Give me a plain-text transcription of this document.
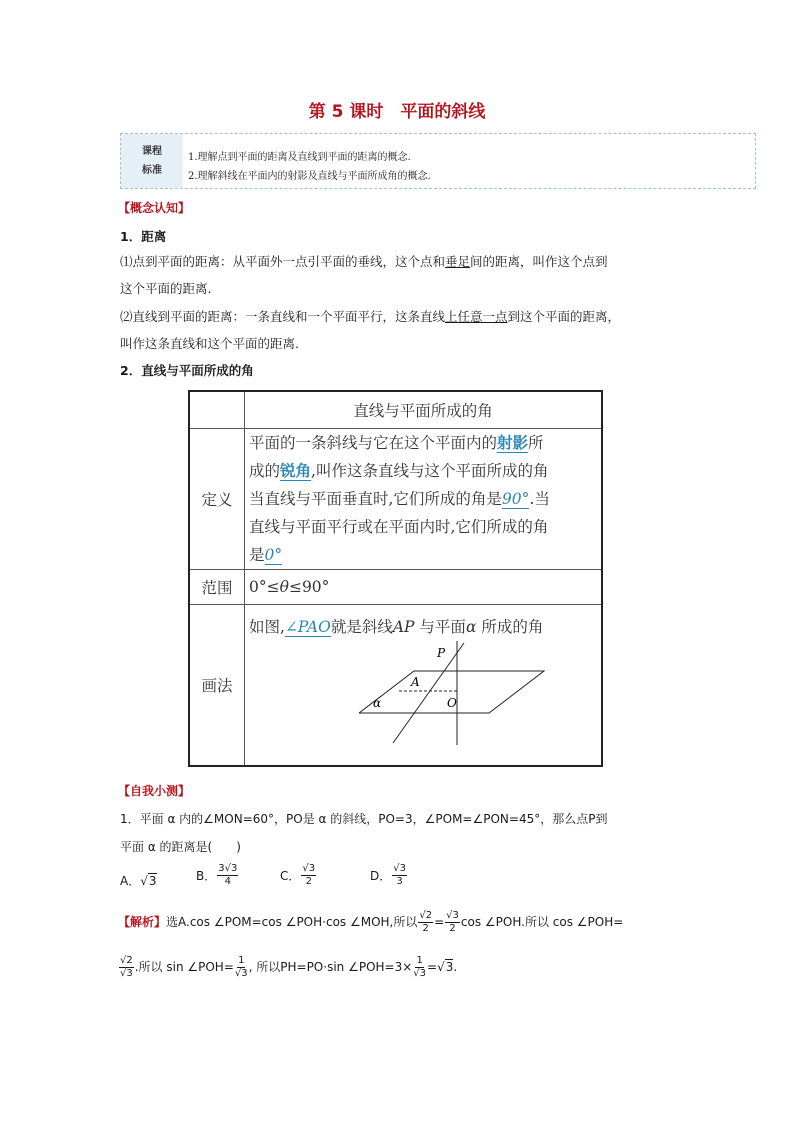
第 5 课时　平面的斜线
课程
标准
1.理解点到平面的距离及直线到平面的距离的概念.
2.理解斜线在平面内的射影及直线与平面所成角的概念.
【概念认知】
1．距离
⑴点到平面的距离：从平面外一点引平面的垂线，这个点和垂足间的距离，叫作这个点到
这个平面的距离.
⑵直线到平面的距离：一条直线和一个平面平行，这条直线上任意一点到这个平面的距离，
叫作这条直线和这个平面的距离.
2．直线与平面所成的角
	直线与平面所成的角
定义	平面的一条斜线与它在这个平面内的射影所
成的锐角,叫作这条直线与这个平面所成的角
当直线与平面垂直时,它们所成的角是90°.当
直线与平面平行或在平面内时,它们所成的角
是0°
范围	0°≤θ≤90°
画法	如图,∠PAO就是斜线AP 与平面α 所成的角
P
A
O
α
【自我小测】
1．平面 α 内的∠MON=60°，PO是 α 的斜线，PO=3，∠POM=∠PON=45°，那么点P到
平面 α 的距离是(　　)
A．√3	B． $\frac{3√3}{4}$	C． $\frac{√3}{2}$	D． $\frac{√3}{3}$
【解析】选A.cos ∠POM=cos ∠POH·cos ∠MOH,所以 $\frac{√2}{2} = \frac{√3}{2}$ cos ∠POH.所以 cos ∠POH=
$\frac{√2}{√3}$ .所以 sin ∠POH= $\frac{1}{√3}$ , 所以PH=PO·sin ∠POH=3× $\frac{1}{√3} =√3$.
